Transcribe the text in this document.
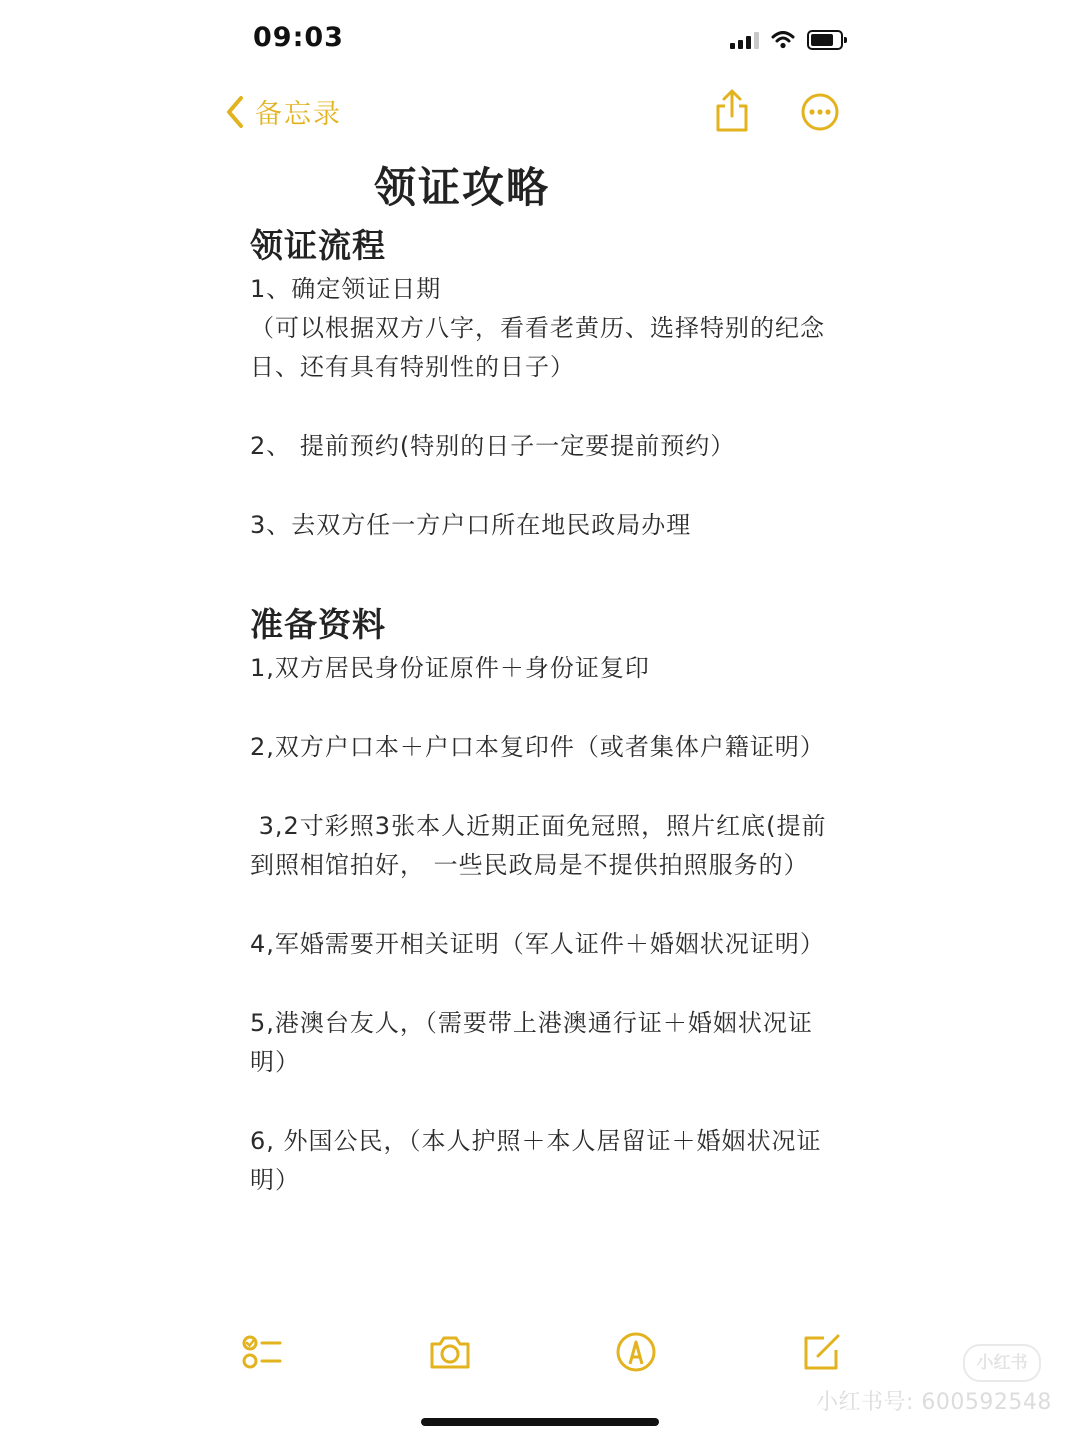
09:03
备忘录
领证攻略
领证流程

1、确定领证日期
（可以根据双方八字，看看老黄历、选择特别的纪念日、还有具有特别性的日子）

2、 提前预约(特别的日子一定要提前预约）

3、去双方任一方户口所在地民政局办理

准备资料

1,双方居民身份证原件＋身份证复印

2,双方户口本＋户口本复印件（或者集体户籍证明）

3,2寸彩照3张本人近期正面免冠照，照片红底(提前到照相馆拍好， 一些民政局是不提供拍照服务的）

4,军婚需要开相关证明（军人证件＋婚姻状况证明）

5,港澳台友人，（需要带上港澳通行证＋婚姻状况证明）

6, 外国公民，（本人护照＋本人居留证＋婚姻状况证明）

小红书
小红书号: 600592548
